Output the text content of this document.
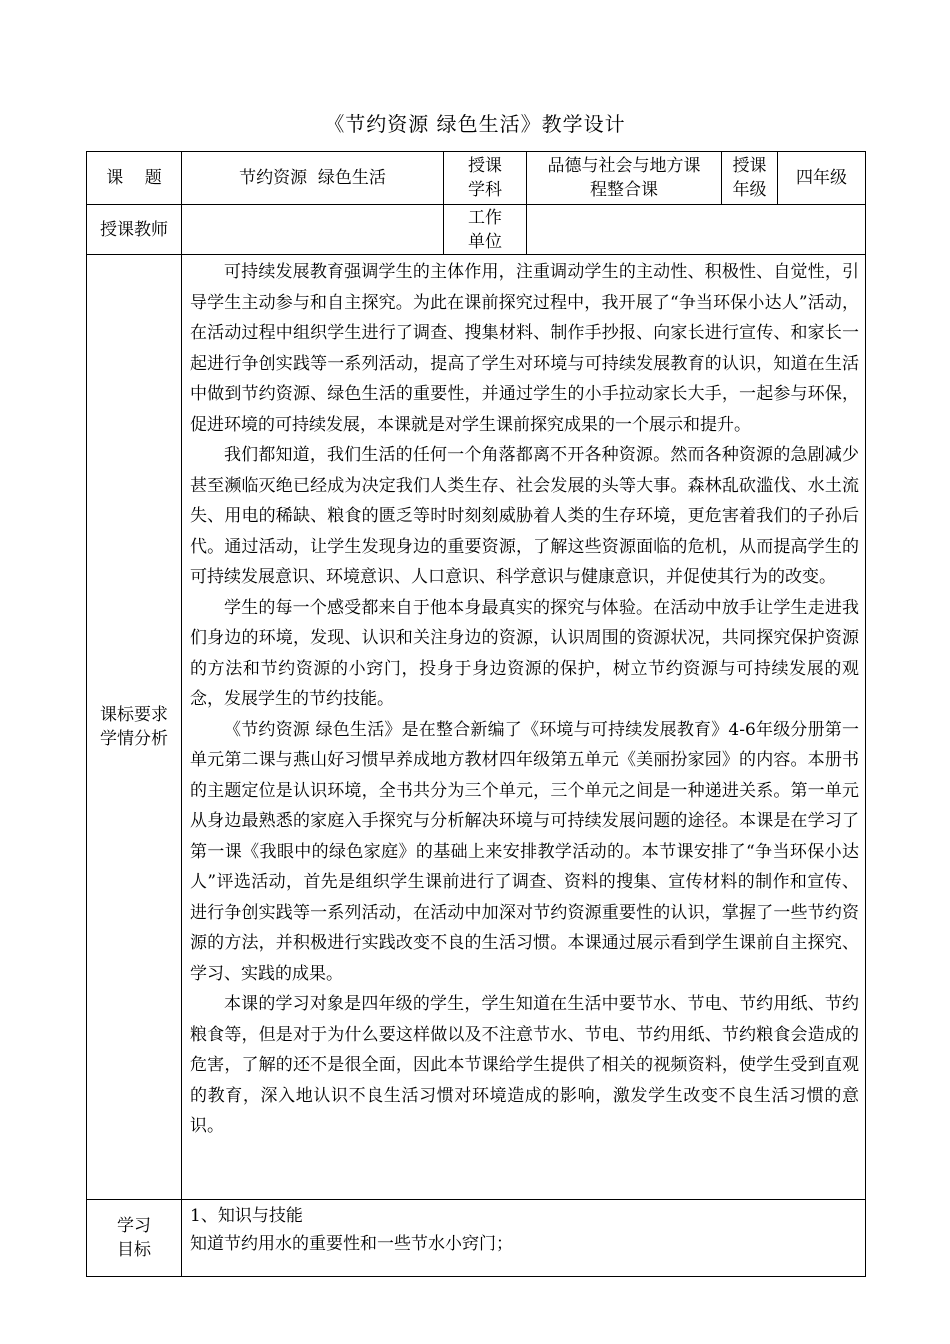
《节约资源 绿色生活》教学设计
课    题	节约资源  绿色生活	授课学科	品德与社会与地方课程整合课	授课年级	四年级
授课教师		工作单位			
课标要求学情分析	可持续发展教育强调学生的主体作用，注重调动学生的主动性、积极性、自觉性，引导学生主动参与和自主探究。为此在课前探究过程中，我开展了“争当环保小达人”活动，在活动过程中组织学生进行了调查、搜集材料、制作手抄报、向家长进行宣传、和家长一起进行争创实践等一系列活动，提高了学生对环境与可持续发展教育的认识，知道在生活中做到节约资源、绿色生活的重要性，并通过学生的小手拉动家长大手，一起参与环保，促进环境的可持续发展，本课就是对学生课前探究成果的一个展示和提升。

我们都知道，我们生活的任何一个角落都离不开各种资源。然而各种资源的急剧减少甚至濒临灭绝已经成为决定我们人类生存、社会发展的头等大事。森林乱砍滥伐、水土流失、用电的稀缺、粮食的匮乏等时时刻刻威胁着人类的生存环境，更危害着我们的子孙后代。通过活动，让学生发现身边的重要资源，了解这些资源面临的危机，从而提高学生的可持续发展意识、环境意识、人口意识、科学意识与健康意识，并促使其行为的改变。

学生的每一个感受都来自于他本身最真实的探究与体验。在活动中放手让学生走进我们身边的环境，发现、认识和关注身边的资源，认识周围的资源状况，共同探究保护资源的方法和节约资源的小窍门，投身于身边资源的保护，树立节约资源与可持续发展的观念，发展学生的节约技能。

《节约资源 绿色生活》是在整合新编了《环境与可持续发展教育》4-6年级分册第一单元第二课与燕山好习惯早养成地方教材四年级第五单元《美丽扮家园》的内容。本册书的主题定位是认识环境，全书共分为三个单元，三个单元之间是一种递进关系。第一单元从身边最熟悉的家庭入手探究与分析解决环境与可持续发展问题的途径。本课是在学习了第一课《我眼中的绿色家庭》的基础上来安排教学活动的。本节课安排了“争当环保小达人”评选活动，首先是组织学生课前进行了调查、资料的搜集、宣传材料的制作和宣传、进行争创实践等一系列活动，在活动中加深对节约资源重要性的认识，掌握了一些节约资源的方法，并积极进行实践改变不良的生活习惯。本课通过展示看到学生课前自主探究、学习、实践的成果。

本课的学习对象是四年级的学生，学生知道在生活中要节水、节电、节约用纸、节约粮食等，但是对于为什么要这样做以及不注意节水、节电、节约用纸、节约粮食会造成的危害，了解的还不是很全面，因此本节课给学生提供了相关的视频资料，使学生受到直观的教育，深入地认识不良生活习惯对环境造成的影响，激发学生改变不良生活习惯的意识。				

学习目标	1、知识与技能

知道节约用水的重要性和一些节水小窍门；				
